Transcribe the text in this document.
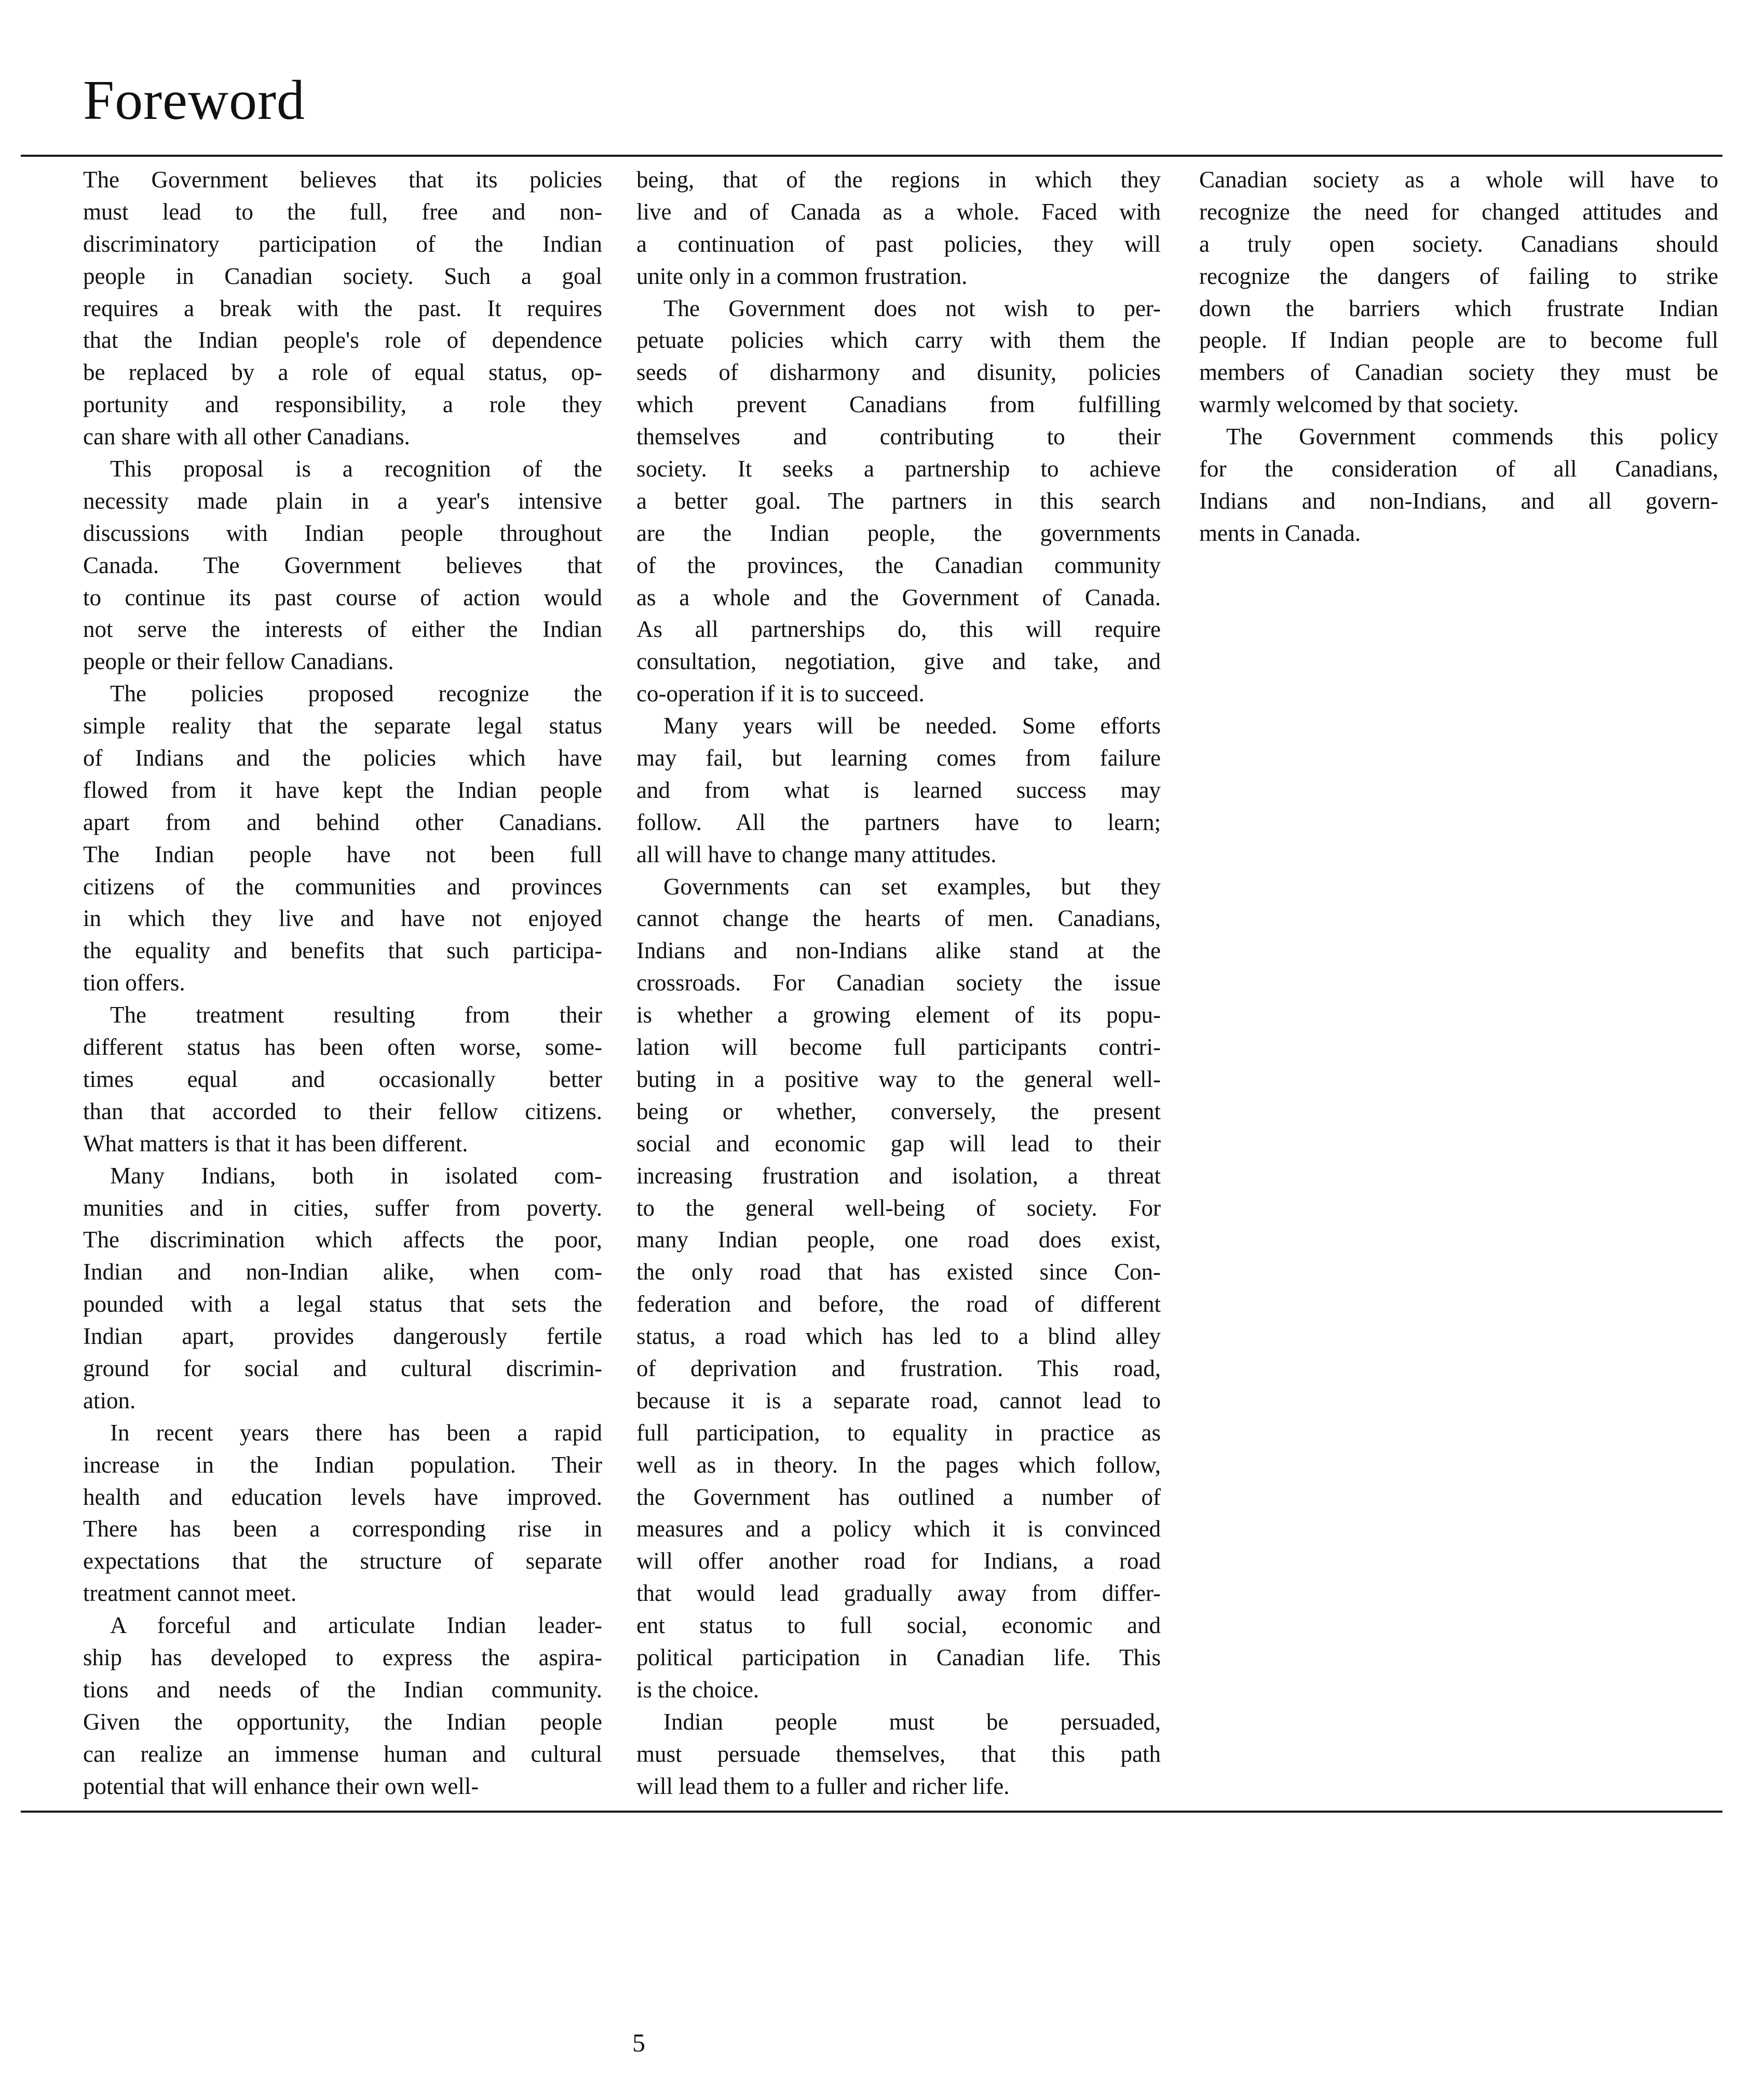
Foreword
The Government believes that its policies
must lead to the full, free and non-
discriminatory participation of the Indian
people in Canadian society. Such a goal
requires a break with the past. It requires
that the Indian people's role of dependence
be replaced by a role of equal status, op-
portunity and responsibility, a role they
can share with all other Canadians.
This proposal is a recognition of the
necessity made plain in a year's intensive
discussions with Indian people throughout
Canada. The Government believes that
to continue its past course of action would
not serve the interests of either the Indian
people or their fellow Canadians.
The policies proposed recognize the
simple reality that the separate legal status
of Indians and the policies which have
flowed from it have kept the Indian people
apart from and behind other Canadians.
The Indian people have not been full
citizens of the communities and provinces
in which they live and have not enjoyed
the equality and benefits that such participa-
tion offers.
The treatment resulting from their
different status has been often worse, some-
times equal and occasionally better
than that accorded to their fellow citizens.
What matters is that it has been different.
Many Indians, both in isolated com-
munities and in cities, suffer from poverty.
The discrimination which affects the poor,
Indian and non-Indian alike, when com-
pounded with a legal status that sets the
Indian apart, provides dangerously fertile
ground for social and cultural discrimin-
ation.
In recent years there has been a rapid
increase in the Indian population. Their
health and education levels have improved.
There has been a corresponding rise in
expectations that the structure of separate
treatment cannot meet.
A forceful and articulate Indian leader-
ship has developed to express the aspira-
tions and needs of the Indian community.
Given the opportunity, the Indian people
can realize an immense human and cultural
potential that will enhance their own well-
being, that of the regions in which they
live and of Canada as a whole. Faced with
a continuation of past policies, they will
unite only in a common frustration.
The Government does not wish to per-
petuate policies which carry with them the
seeds of disharmony and disunity, policies
which prevent Canadians from fulfilling
themselves and contributing to their
society. It seeks a partnership to achieve
a better goal. The partners in this search
are the Indian people, the governments
of the provinces, the Canadian community
as a whole and the Government of Canada.
As all partnerships do, this will require
consultation, negotiation, give and take, and
co-operation if it is to succeed.
Many years will be needed. Some efforts
may fail, but learning comes from failure
and from what is learned success may
follow. All the partners have to learn;
all will have to change many attitudes.
Governments can set examples, but they
cannot change the hearts of men. Canadians,
Indians and non-Indians alike stand at the
crossroads. For Canadian society the issue
is whether a growing element of its popu-
lation will become full participants contri-
buting in a positive way to the general well-
being or whether, conversely, the present
social and economic gap will lead to their
increasing frustration and isolation, a threat
to the general well-being of society. For
many Indian people, one road does exist,
the only road that has existed since Con-
federation and before, the road of different
status, a road which has led to a blind alley
of deprivation and frustration. This road,
because it is a separate road, cannot lead to
full participation, to equality in practice as
well as in theory. In the pages which follow,
the Government has outlined a number of
measures and a policy which it is convinced
will offer another road for Indians, a road
that would lead gradually away from differ-
ent status to full social, economic and
political participation in Canadian life. This
is the choice.
Indian people must be persuaded,
must persuade themselves, that this path
will lead them to a fuller and richer life.
Canadian society as a whole will have to
recognize the need for changed attitudes and
a truly open society. Canadians should
recognize the dangers of failing to strike
down the barriers which frustrate Indian
people. If Indian people are to become full
members of Canadian society they must be
warmly welcomed by that society.
The Government commends this policy
for the consideration of all Canadians,
Indians and non-Indians, and all govern-
ments in Canada.
5
